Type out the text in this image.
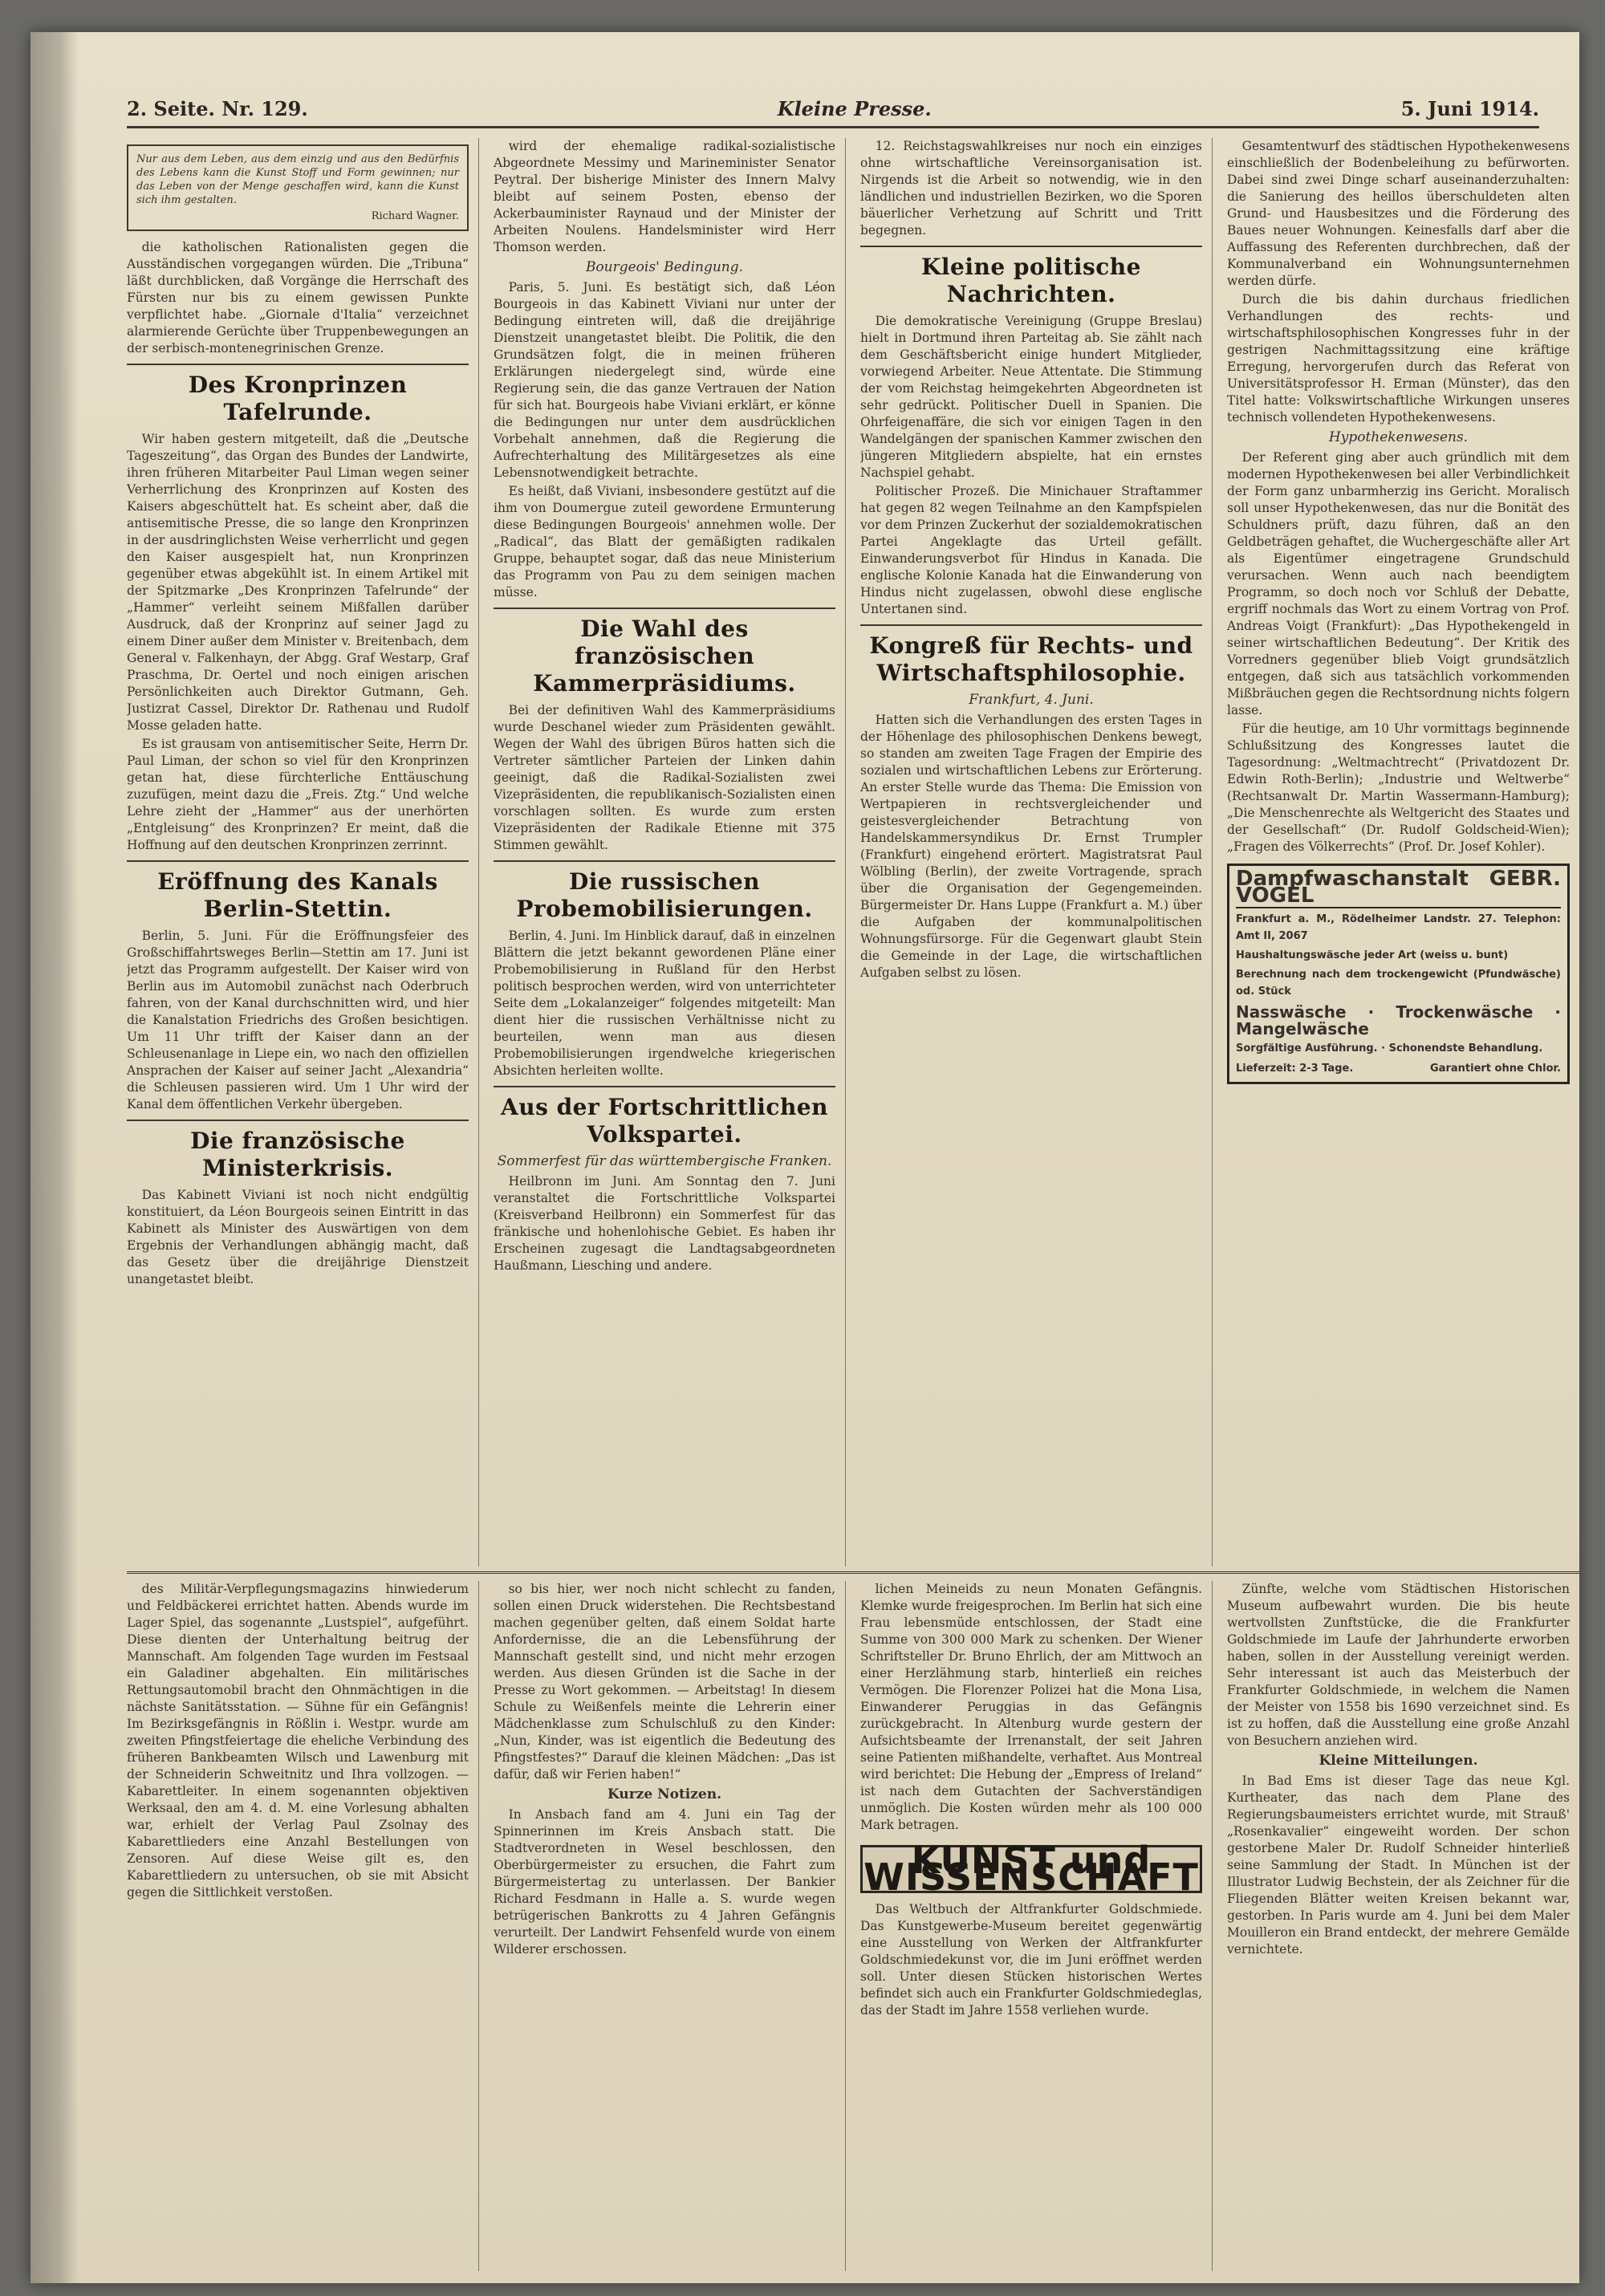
2. Seite. Nr. 129.	Kleine Presse.	5. Juni 1914.
Nur aus dem Leben, aus dem einzig und aus den Bedürfnis des Lebens kann die Kunst Stoff und Form gewinnen; nur das Leben von der Menge geschaffen wird, kann die Kunst sich ihm gestalten.
Richard Wagner.

die katholischen Rationalisten gegen die Ausständischen vorgegangen würden. Die „Tribuna“ läßt durchblicken, daß Vorgänge die Herrschaft des Fürsten nur bis zu einem gewissen Punkte verpflichtet habe. „Giornale d'Italia“ verzeichnet alarmierende Gerüchte über Truppenbewegungen an der serbisch-montenegrinischen Grenze.

Des Kronprinzen Tafelrunde.

Wir haben gestern mitgeteilt, daß die „Deutsche Tageszeitung“, das Organ des Bundes der Landwirte, ihren früheren Mitarbeiter Paul Liman wegen seiner Verherrlichung des Kronprinzen auf Kosten des Kaisers abgeschüttelt hat. Es scheint aber, daß die antisemitische Presse, die so lange den Kronprinzen in der ausdringlichsten Weise verherrlicht und gegen den Kaiser ausgespielt hat, nun Kronprinzen gegenüber etwas abgekühlt ist. In einem Artikel mit der Spitzmarke „Des Kronprinzen Tafelrunde“ der „Hammer“ verleiht seinem Mißfallen darüber Ausdruck, daß der Kronprinz auf seiner Jagd zu einem Diner außer dem Minister v. Breitenbach, dem General v. Falkenhayn, der Abgg. Graf Westarp, Graf Praschma, Dr. Oertel und noch einigen arischen Persönlichkeiten auch Direktor Gutmann, Geh. Justizrat Cassel, Direktor Dr. Rathenau und Rudolf Mosse geladen hatte.

Es ist grausam von antisemitischer Seite, Herrn Dr. Paul Liman, der schon so viel für den Kronprinzen getan hat, diese fürchterliche Enttäuschung zuzufügen, meint dazu die „Freis. Ztg.“ Und welche Lehre zieht der „Hammer“ aus der unerhörten „Entgleisung“ des Kronprinzen? Er meint, daß die Hoffnung auf den deutschen Kronprinzen zerrinnt.

Eröffnung des Kanals Berlin-Stettin.

Berlin, 5. Juni. Für die Eröffnungsfeier des Großschiffahrtsweges Berlin—Stettin am 17. Juni ist jetzt das Programm aufgestellt. Der Kaiser wird von Berlin aus im Automobil zunächst nach Oderbruch fahren, von der Kanal durchschnitten wird, und hier die Kanalstation Friedrichs des Großen besichtigen. Um 11 Uhr trifft der Kaiser dann an der Schleusenanlage in Liepe ein, wo nach den offiziellen Ansprachen der Kaiser auf seiner Jacht „Alexandria“ die Schleusen passieren wird. Um 1 Uhr wird der Kanal dem öffentlichen Verkehr übergeben.

Die französische Ministerkrisis.

Das Kabinett Viviani ist noch nicht endgültig konstituiert, da Léon Bourgeois seinen Eintritt in das Kabinett als Minister des Auswärtigen von dem Ergebnis der Verhandlungen abhängig macht, daß das Gesetz über die dreijährige Dienstzeit unangetastet bleibt.

wird der ehemalige radikal-sozialistische Abgeordnete Messimy und Marineminister Senator Peytral. Der bisherige Minister des Innern Malvy bleibt auf seinem Posten, ebenso der Ackerbauminister Raynaud und der Minister der Arbeiten Noulens. Handelsminister wird Herr Thomson werden.

Bourgeois' Bedingung.

Paris, 5. Juni. Es bestätigt sich, daß Léon Bourgeois in das Kabinett Viviani nur unter der Bedingung eintreten will, daß die dreijährige Dienstzeit unangetastet bleibt. Die Politik, die den Grundsätzen folgt, die in meinen früheren Erklärungen niedergelegt sind, würde eine Regierung sein, die das ganze Vertrauen der Nation für sich hat. Bourgeois habe Viviani erklärt, er könne die Bedingungen nur unter dem ausdrücklichen Vorbehalt annehmen, daß die Regierung die Aufrechterhaltung des Militärgesetzes als eine Lebensnotwendigkeit betrachte.

Es heißt, daß Viviani, insbesondere gestützt auf die ihm von Doumergue zuteil gewordene Ermunterung diese Bedingungen Bourgeois' annehmen wolle. Der „Radical“, das Blatt der gemäßigten radikalen Gruppe, behauptet sogar, daß das neue Ministerium das Programm von Pau zu dem seinigen machen müsse.

Die Wahl des französischen Kammerpräsidiums.

Bei der definitiven Wahl des Kammerpräsidiums wurde Deschanel wieder zum Präsidenten gewählt. Wegen der Wahl des übrigen Büros hatten sich die Vertreter sämtlicher Parteien der Linken dahin geeinigt, daß die Radikal-Sozialisten zwei Vizepräsidenten, die republikanisch-Sozialisten einen vorschlagen sollten. Es wurde zum ersten Vizepräsidenten der Radikale Etienne mit 375 Stimmen gewählt.

Die russischen Probemobilisierungen.

Berlin, 4. Juni. Im Hinblick darauf, daß in einzelnen Blättern die jetzt bekannt gewordenen Pläne einer Probemobilisierung in Rußland für den Herbst politisch besprochen werden, wird von unterrichteter Seite dem „Lokalanzeiger“ folgendes mitgeteilt: Man dient hier die russischen Verhältnisse nicht zu beurteilen, wenn man aus diesen Probemobilisierungen irgendwelche kriegerischen Absichten herleiten wollte.

Aus der Fortschrittlichen Volkspartei.
Sommerfest für das württembergische Franken.

Heilbronn im Juni. Am Sonntag den 7. Juni veranstaltet die Fortschrittliche Volkspartei (Kreisverband Heilbronn) ein Sommerfest für das fränkische und hohenlohische Gebiet. Es haben ihr Erscheinen zugesagt die Landtagsabgeordneten Haußmann, Liesching und andere.

12. Reichstagswahlkreises nur noch ein einziges ohne wirtschaftliche Vereinsorganisation ist. Nirgends ist die Arbeit so notwendig, wie in den ländlichen und industriellen Bezirken, wo die Sporen bäuerlicher Verhetzung auf Schritt und Tritt begegnen.

Kleine politische Nachrichten.

Die demokratische Vereinigung (Gruppe Breslau) hielt in Dortmund ihren Parteitag ab. Sie zählt nach dem Geschäftsbericht einige hundert Mitglieder, vorwiegend Arbeiter. Neue Attentate. Die Stimmung der vom Reichstag heimgekehrten Abgeordneten ist sehr gedrückt. Politischer Duell in Spanien. Die Ohrfeigenaffäre, die sich vor einigen Tagen in den Wandelgängen der spanischen Kammer zwischen den jüngeren Mitgliedern abspielte, hat ein ernstes Nachspiel gehabt.

Politischer Prozeß. Die Minichauer Straftammer hat gegen 82 wegen Teilnahme an den Kampfspielen vor dem Prinzen Zuckerhut der sozialdemokratischen Partei Angeklagte das Urteil gefällt. Einwanderungsverbot für Hindus in Kanada. Die englische Kolonie Kanada hat die Einwanderung von Hindus nicht zugelassen, obwohl diese englische Untertanen sind.

Kongreß für Rechts- und Wirtschaftsphilosophie.
Frankfurt, 4. Juni.

Hatten sich die Verhandlungen des ersten Tages in der Höhenlage des philosophischen Denkens bewegt, so standen am zweiten Tage Fragen der Empirie des sozialen und wirtschaftlichen Lebens zur Erörterung. An erster Stelle wurde das Thema: Die Emission von Wertpapieren in rechtsvergleichender und geistesvergleichender Betrachtung von Handelskammersyndikus Dr. Ernst Trumpler (Frankfurt) eingehend erörtert. Magistratsrat Paul Wölbling (Berlin), der zweite Vortragende, sprach über die Organisation der Gegengemeinden. Bürgermeister Dr. Hans Luppe (Frankfurt a. M.) über die Aufgaben der kommunalpolitischen Wohnungsfürsorge. Für die Gegenwart glaubt Stein die Gemeinde in der Lage, die wirtschaftlichen Aufgaben selbst zu lösen.

Gesamtentwurf des städtischen Hypothekenwesens einschließlich der Bodenbeleihung zu befürworten. Dabei sind zwei Dinge scharf auseinanderzuhalten: die Sanierung des heillos überschuldeten alten Grund- und Hausbesitzes und die Förderung des Baues neuer Wohnungen. Keinesfalls darf aber die Auffassung des Referenten durchbrechen, daß der Kommunalverband ein Wohnungsunternehmen werden dürfe.

Durch die bis dahin durchaus friedlichen Verhandlungen des rechts- und wirtschaftsphilosophischen Kongresses fuhr in der gestrigen Nachmittagssitzung eine kräftige Erregung, hervorgerufen durch das Referat von Universitätsprofessor H. Erman (Münster), das den Titel hatte: Volkswirtschaftliche Wirkungen unseres technisch vollendeten Hypothekenwesens.

Hypothekenwesens.

Der Referent ging aber auch gründlich mit dem modernen Hypothekenwesen bei aller Verbindlichkeit der Form ganz unbarmherzig ins Gericht. Moralisch soll unser Hypothekenwesen, das nur die Bonität des Schuldners prüft, dazu führen, daß an den Geldbeträgen gehaftet, die Wuchergeschäfte aller Art als Eigentümer eingetragene Grundschuld verursachen. Wenn auch nach beendigtem Programm, so doch noch vor Schluß der Debatte, ergriff nochmals das Wort zu einem Vortrag von Prof. Andreas Voigt (Frankfurt): „Das Hypothekengeld in seiner wirtschaftlichen Bedeutung“. Der Kritik des Vorredners gegenüber blieb Voigt grundsätzlich entgegen, daß sich aus tatsächlich vorkommenden Mißbräuchen gegen die Rechtsordnung nichts folgern lasse.

Für die heutige, am 10 Uhr vormittags beginnende Schlußsitzung des Kongresses lautet die Tagesordnung: „Weltmachtrecht“ (Privatdozent Dr. Edwin Roth-Berlin); „Industrie und Weltwerbe“ (Rechtsanwalt Dr. Martin Wassermann-Hamburg); „Die Menschenrechte als Weltgericht des Staates und der Gesellschaft“ (Dr. Rudolf Goldscheid-Wien); „Fragen des Völkerrechts“ (Prof. Dr. Josef Kohler).

Dampfwaschanstalt GEBR. VOGEL
Frankfurt a. M., Rödelheimer Landstr. 27. Telephon: Amt II, 2067
Haushaltungswäsche jeder Art (weiss u. bunt)
Berechnung nach dem trockengewicht (Pfundwäsche) od. Stück
Nasswäsche · Trockenwäsche · Mangelwäsche
Sorgfältige Ausführung. · Schonendste Behandlung.
Lieferzeit: 2-3 Tage.	Garantiert ohne Chlor.

des Militär-Verpflegungsmagazins hinwiederum und Feldbäckerei errichtet hatten. Abends wurde im Lager Spiel, das sogenannte „Lustspiel“, aufgeführt. Diese dienten der Unterhaltung beitrug der Mannschaft. Am folgenden Tage wurden im Festsaal ein Galadiner abgehalten. Ein militärisches Rettungsautomobil bracht den Ohnmächtigen in die nächste Sanitätsstation. — Sühne für ein Gefängnis! Im Bezirksgefängnis in Rößlin i. Westpr. wurde am zweiten Pfingstfeiertage die eheliche Verbindung des früheren Bankbeamten Wilsch und Lawenburg mit der Schneiderin Schweitnitz und Ihra vollzogen. — Kabarettleiter. In einem sogenannten objektiven Werksaal, den am 4. d. M. eine Vorlesung abhalten war, erhielt der Verlag Paul Zsolnay des Kabarettlieders eine Anzahl Bestellungen von Zensoren. Auf diese Weise gilt es, den Kabarettliedern zu untersuchen, ob sie mit Absicht gegen die Sittlichkeit verstoßen.

so bis hier, wer noch nicht schlecht zu fanden, sollen einen Druck widerstehen. Die Rechtsbestand machen gegenüber gelten, daß einem Soldat harte Anfordernisse, die an die Lebensführung der Mannschaft gestellt sind, und nicht mehr erzogen werden. Aus diesen Gründen ist die Sache in der Presse zu Wort gekommen. — Arbeitstag! In diesem Schule zu Weißenfels meinte die Lehrerin einer Mädchenklasse zum Schulschluß zu den Kinder: „Nun, Kinder, was ist eigentlich die Bedeutung des Pfingstfestes?“ Darauf die kleinen Mädchen: „Das ist dafür, daß wir Ferien haben!“

Kurze Notizen.

In Ansbach fand am 4. Juni ein Tag der Spinnerinnen im Kreis Ansbach statt. Die Stadtverordneten in Wesel beschlossen, den Oberbürgermeister zu ersuchen, die Fahrt zum Bürgermeistertag zu unterlassen. Der Bankier Richard Fesdmann in Halle a. S. wurde wegen betrügerischen Bankrotts zu 4 Jahren Gefängnis verurteilt. Der Landwirt Fehsenfeld wurde von einem Wilderer erschossen.

lichen Meineids zu neun Monaten Gefängnis. Klemke wurde freigesprochen. Im Berlin hat sich eine Frau lebensmüde entschlossen, der Stadt eine Summe von 300 000 Mark zu schenken. Der Wiener Schriftsteller Dr. Bruno Ehrlich, der am Mittwoch an einer Herzlähmung starb, hinterließ ein reiches Vermögen. Die Florenzer Polizei hat die Mona Lisa, Einwanderer Peruggias in das Gefängnis zurückgebracht. In Altenburg wurde gestern der Aufsichtsbeamte der Irrenanstalt, der seit Jahren seine Patienten mißhandelte, verhaftet. Aus Montreal wird berichtet: Die Hebung der „Empress of Ireland“ ist nach dem Gutachten der Sachverständigen unmöglich. Die Kosten würden mehr als 100 000 Mark betragen.

KUNST und WISSENSCHAFT

Das Weltbuch der Altfrankfurter Goldschmiede. Das Kunstgewerbe-Museum bereitet gegenwärtig eine Ausstellung von Werken der Altfrankfurter Goldschmiedekunst vor, die im Juni eröffnet werden soll. Unter diesen Stücken historischen Wertes befindet sich auch ein Frankfurter Goldschmiedeglas, das der Stadt im Jahre 1558 verliehen wurde.

Zünfte, welche vom Städtischen Historischen Museum aufbewahrt wurden. Die bis heute wertvollsten Zunftstücke, die die Frankfurter Goldschmiede im Laufe der Jahrhunderte erworben haben, sollen in der Ausstellung vereinigt werden. Sehr interessant ist auch das Meisterbuch der Frankfurter Goldschmiede, in welchem die Namen der Meister von 1558 bis 1690 verzeichnet sind. Es ist zu hoffen, daß die Ausstellung eine große Anzahl von Besuchern anziehen wird.

Kleine Mitteilungen.

In Bad Ems ist dieser Tage das neue Kgl. Kurtheater, das nach dem Plane des Regierungsbaumeisters errichtet wurde, mit Strauß' „Rosenkavalier“ eingeweiht worden. Der schon gestorbene Maler Dr. Rudolf Schneider hinterließ seine Sammlung der Stadt. In München ist der Illustrator Ludwig Bechstein, der als Zeichner für die Fliegenden Blätter weiten Kreisen bekannt war, gestorben. In Paris wurde am 4. Juni bei dem Maler Mouilleron ein Brand entdeckt, der mehrere Gemälde vernichtete.
